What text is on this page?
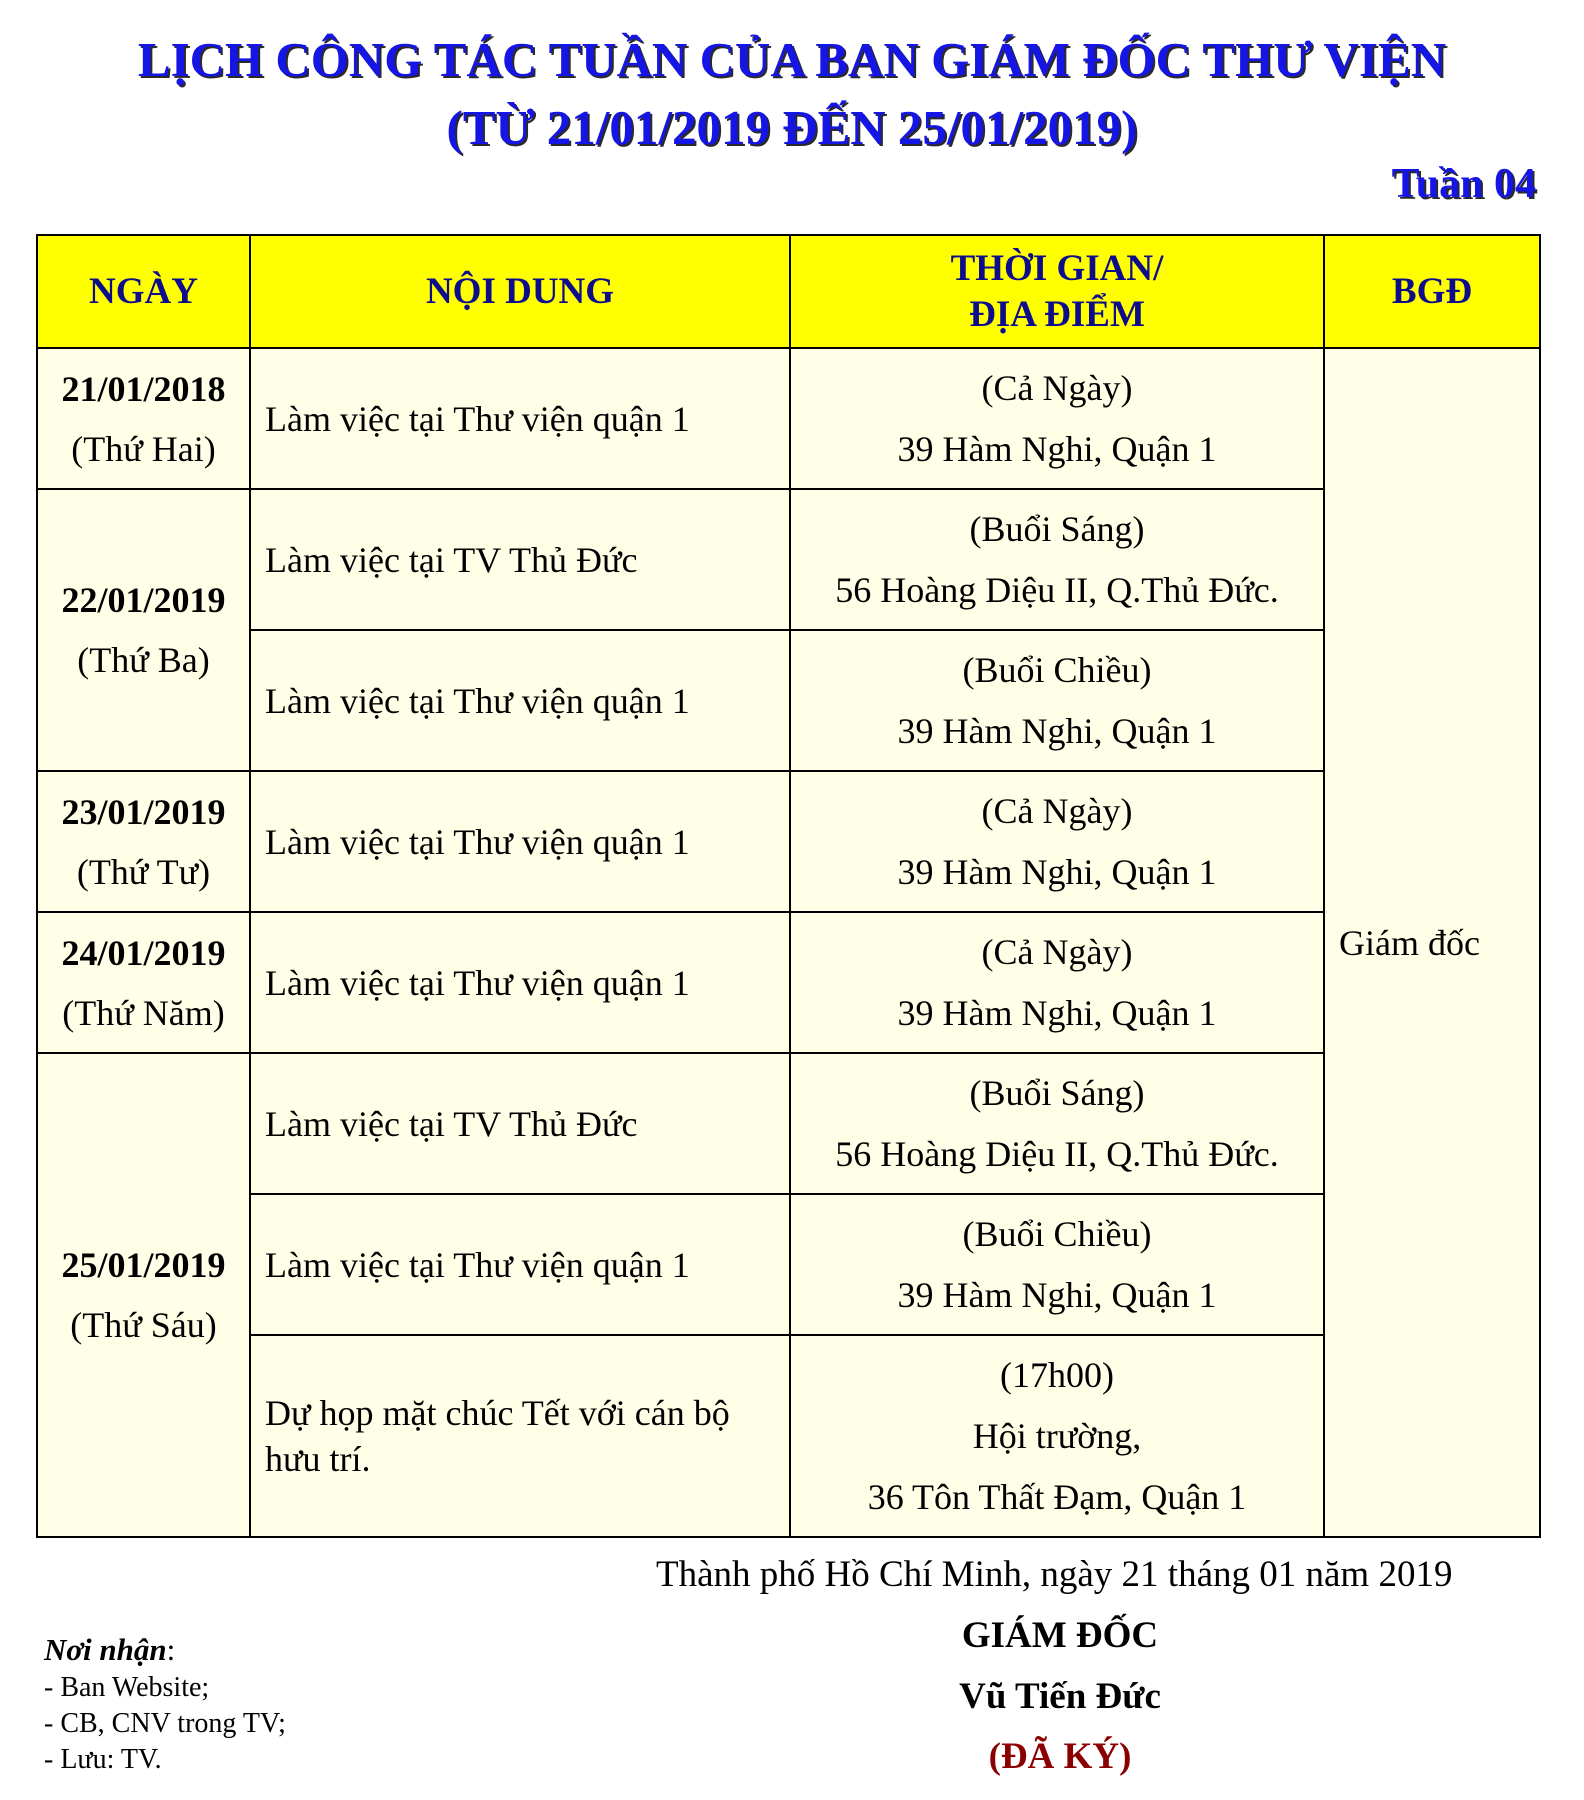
LỊCH CÔNG TÁC TUẦN CỦA BAN GIÁM ĐỐC THƯ VIỆN
(TỪ 21/01/2019 ĐẾN 25/01/2019)
Tuần 04
NGÀY	NỘI DUNG	THỜI GIAN/
ĐỊA ĐIỂM	BGĐ

21/01/2018
(Thứ Hai)	Làm việc tại Thư viện quận 1	(Cả Ngày)
39 Hàm Nghi, Quận 1	Giám đốc

22/01/2019
(Thứ Ba)	Làm việc tại TV Thủ Đức	(Buổi Sáng)
56 Hoàng Diệu II, Q.Thủ Đức.	

	Làm việc tại Thư viện quận 1	(Buổi Chiều)
39 Hàm Nghi, Quận 1	

23/01/2019
(Thứ Tư)	Làm việc tại Thư viện quận 1	(Cả Ngày)
39 Hàm Nghi, Quận 1	

24/01/2019
(Thứ Năm)	Làm việc tại Thư viện quận 1	(Cả Ngày)
39 Hàm Nghi, Quận 1	

25/01/2019
(Thứ Sáu)	Làm việc tại TV Thủ Đức	(Buổi Sáng)
56 Hoàng Diệu II, Q.Thủ Đức.	

	Làm việc tại Thư viện quận 1	(Buổi Chiều)
39 Hàm Nghi, Quận 1	

	Dự họp mặt chúc Tết với cán bộ hưu trí.	(17h00)
Hội trường,
36 Tôn Thất Đạm, Quận 1	
Thành phố Hồ Chí Minh, ngày 21 tháng 01 năm 2019
GIÁM ĐỐC
Vũ Tiến Đức
(ĐÃ KÝ)
Nơi nhận:
- Ban Website;
- CB, CNV trong TV;
- Lưu: TV.
